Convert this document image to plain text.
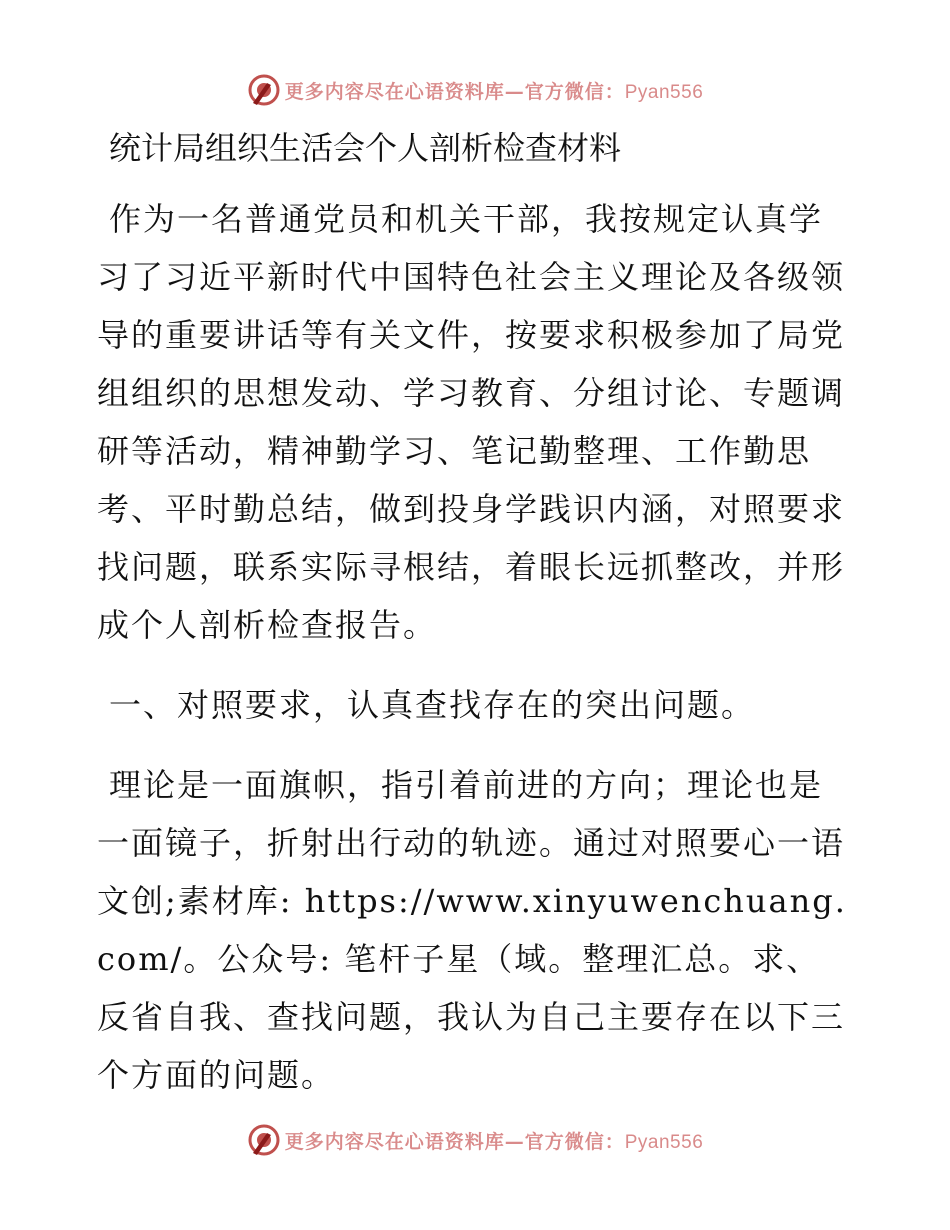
更多内容尽在心语资料库—官方微信：Pyan556
统计局组织生活会个人剖析检查材料

作为一名普通党员和机关干部，我按规定认真学习了习近平新时代中国特色社会主义理论及各级领导的重要讲话等有关文件，按要求积极参加了局党组组织的思想发动、学习教育、分组讨论、专题调研等活动，精神勤学习、笔记勤整理、工作勤思考、平时勤总结，做到投身学践识内涵，对照要求找问题，联系实际寻根结，着眼长远抓整改，并形成个人剖析检查报告。

一、对照要求，认真查找存在的突出问题。

理论是一面旗帜，指引着前进的方向；理论也是一面镜子，折射出行动的轨迹。通过对照要心一语文创;素材库: https://www.xinyuwenchuang.com/。公众号: 笔杆子星（域。整理汇总。求、反省自我、查找问题，我认为自己主要存在以下三个方面的问题。

更多内容尽在心语资料库—官方微信：Pyan556
